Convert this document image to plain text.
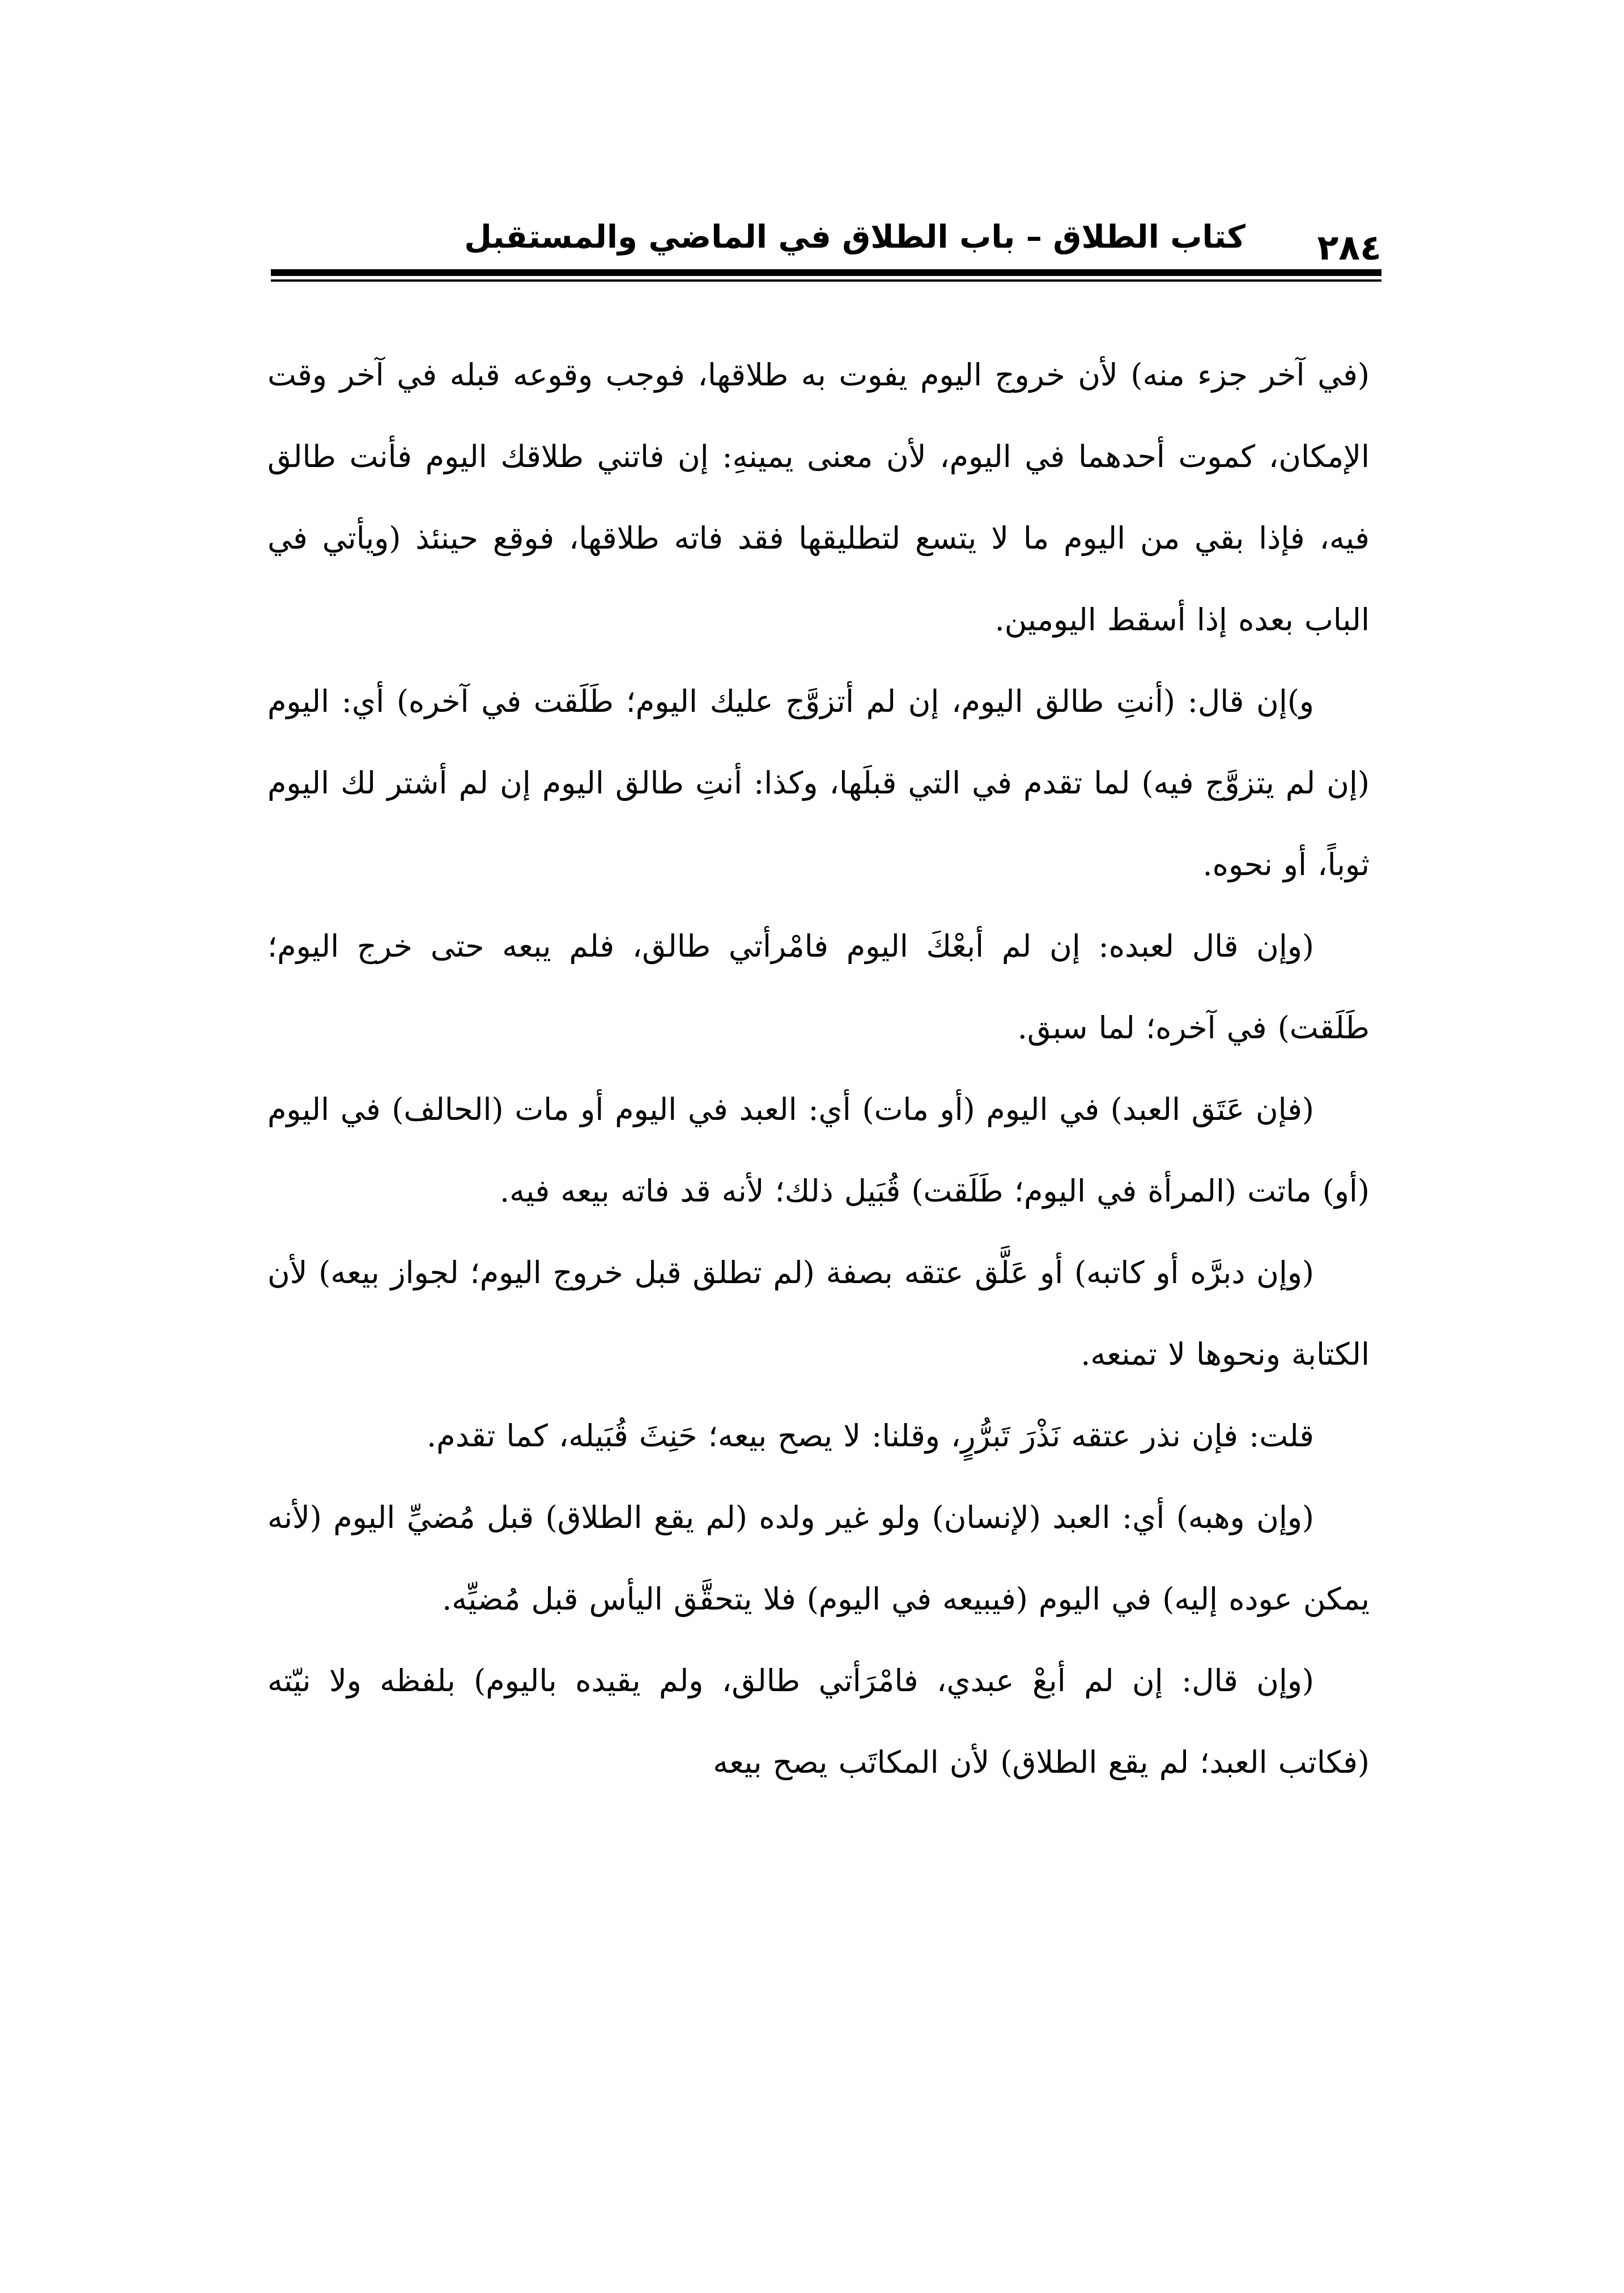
كتاب الطلاق – باب الطلاق في الماضي والمستقبل ٢٨٤

(في آخر جزء منه) لأن خروج اليوم يفوت به طلاقها، فوجب وقوعه قبله في آخر وقت الإمكان، كموت أحدهما في اليوم، لأن معنى يمينهِ: إن فاتني طلاقك اليوم فأنت طالق فيه، فإذا بقي من اليوم ما لا يتسع لتطليقها فقد فاته طلاقها، فوقع حينئذ (ويأتي في الباب بعده إذا أسقط اليومين.

و)إن قال: (أنتِ طالق اليوم، إن لم أتزوَّج عليك اليوم؛ طَلَقت في آخره) أي: اليوم (إن لم يتزوَّج فيه) لما تقدم في التي قبلَها، وكذا: أنتِ طالق اليوم إن لم أشتر لك اليوم ثوباً، أو نحوه.

(وإن قال لعبده: إن لم أبعْكَ اليوم فامْرأتي طالق، فلم يبعه حتى خرج اليوم؛ طَلَقت) في آخره؛ لما سبق.

(فإن عَتَق العبد) في اليوم (أو مات) أي: العبد في اليوم أو مات (الحالف) في اليوم (أو) ماتت (المرأة في اليوم؛ طَلَقت) قُبَيل ذلك؛ لأنه قد فاته بيعه فيه.

(وإن دبرَّه أو كاتبه) أو عَلَّق عتقه بصفة (لم تطلق قبل خروج اليوم؛ لجواز بيعه) لأن الكتابة ونحوها لا تمنعه.

قلت: فإن نذر عتقه نَذْرَ تَبرُّرٍ، وقلنا: لا يصح بيعه؛ حَنِثَ قُبَيله، كما تقدم.

(وإن وهبه) أي: العبد (لإنسان) ولو غير ولده (لم يقع الطلاق) قبل مُضيِّ اليوم (لأنه يمكن عوده إليه) في اليوم (فيبيعه في اليوم) فلا يتحقَّق اليأس قبل مُضيِّه.

(وإن قال: إن لم أبعْ عبدي، فامْرَأتي طالق، ولم يقيده باليوم) بلفظه ولا نيّته (فكاتب العبد؛ لم يقع الطلاق) لأن المكاتَب يصح بيعه
